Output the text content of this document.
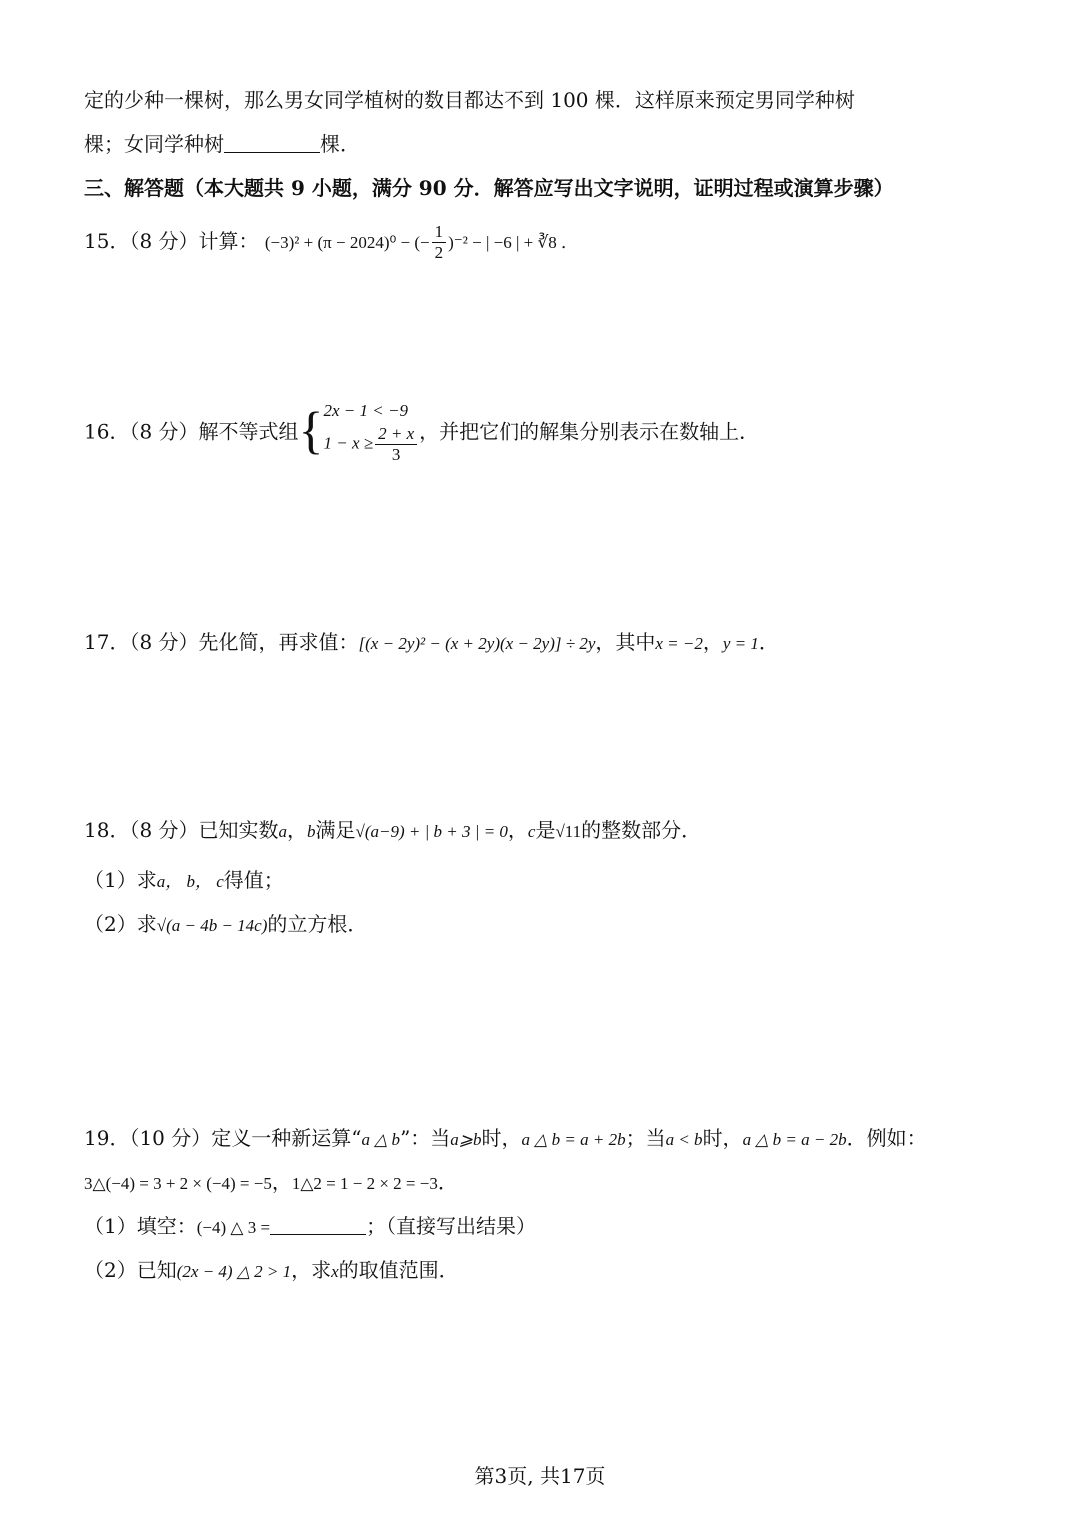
定的少种一棵树，那么男女同学植树的数目都达不到 100 棵．这样原来预定男同学种树
棵；女同学种树	棵．
三、解答题（本大题共 9 小题，满分 90 分．解答应写出文字说明，证明过程或演算步骤）
15．（8 分）计算： (−3)² + (π − 2024)⁰ − (− $\frac{1}{2} )^{-2}$ − | −6 | + ∛8 ．
16．（8 分）解不等式组{ 2x − 1 < −9
$1 - x \ge \frac{2 + x}{3}$ ，并把它们的解集分别表示在数轴上．
17．（8 分）先化简，再求值：[(x − 2y)² − (x + 2y)(x − 2y)] ÷ 2y，其中x = −2，y = 1．
18．（8 分）已知实数a，b满足√(a−9) + | b + 3 | = 0，c是√11的整数部分．
（1）求a， b， c得值；
（2）求√(a − 4b − 14c)的立方根．
19．（10 分）定义一种新运算“a △ b”：当a⩾b时，a △ b = a + 2b；当a < b时，a △ b = a − 2b．例如：
3△(−4) = 3 + 2 × (−4) = −5，1△2 = 1 − 2 × 2 = −3．
（1）填空：(−4) △ 3 =	；（直接写出结果）
（2）已知(2x − 4) △ 2 > 1，求x的取值范围．
第3页, 共17页
